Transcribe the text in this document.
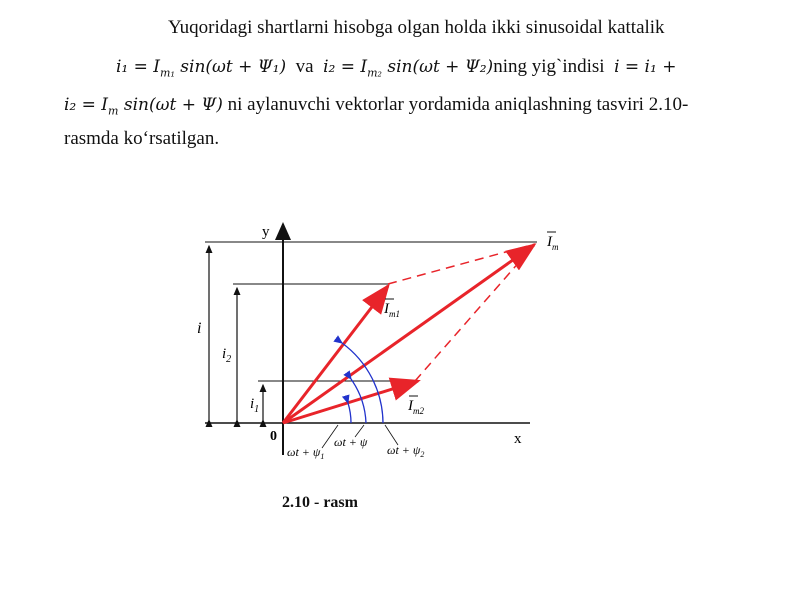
Yuqoridagi shartlarni hisobga olgan holda ikki sinusoidal kattalik
$i_1 = I_{m_1}$ sin(ωt + Ψ₁) va $i_2 = I_{m_2}$ sin(ωt + Ψ₂)ning yig`indisi i = i₁ +
$i_2 = I_m$ sin(ωt + Ψ) ni aylanuvchi vektorlar yordamida aniqlashning tasviri 2.10-
rasmda ko‘rsatilgan.
y
x
0
i
$i_2$
$i_1$
$I_m$
$I_{m1}$
$I_{m2}$
$\omega t + \psi_1$
ωt + ψ
$\omega t + \psi_2$
2.10 - rasm
